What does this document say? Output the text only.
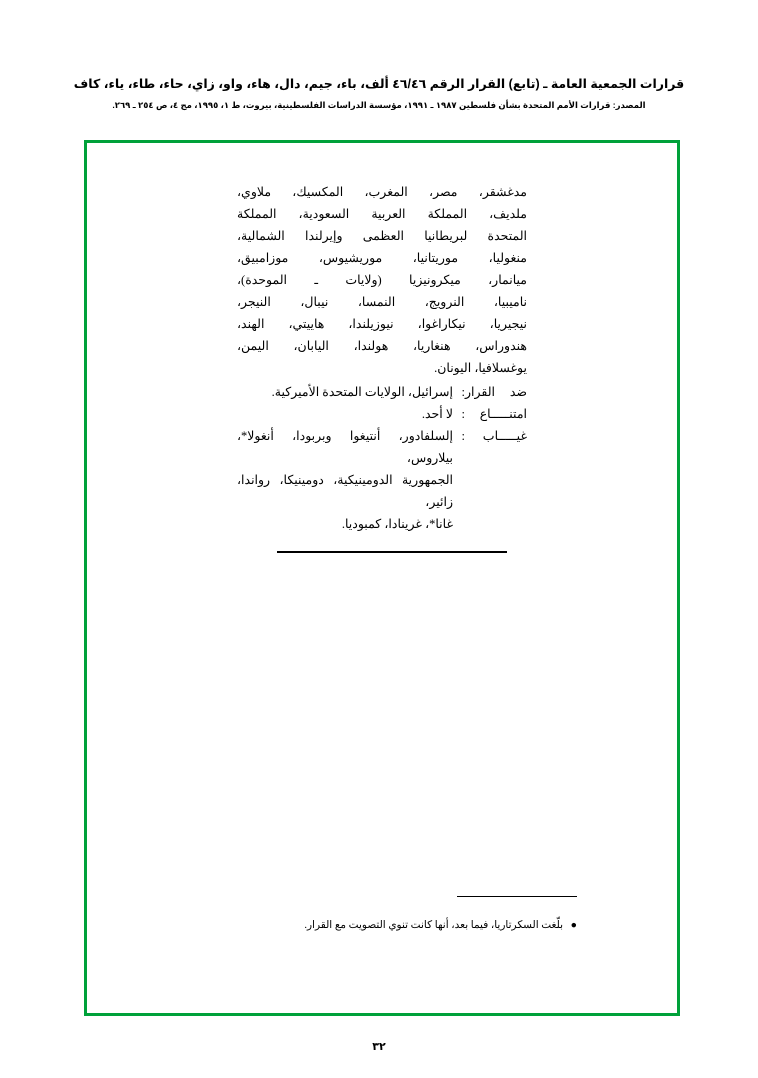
قرارات الجمعية العامة ـ (تابع) القرار الرقم ٤٦/٤٦ ألف، باء، جيم، دال، هاء، واو، زاي، حاء، طاء، ياء، كاف
المصدر: قرارات الأمم المتحدة بشأن فلسطين ١٩٨٧ ـ ١٩٩١، مؤسسة الدراسات الفلسطينية، بيروت، ط ١، ١٩٩٥، مج ٤، ص ٢٥٤ ـ ٢٦٩.

مدغشقر، مصر، المغرب، المكسيك، ملاوي،

ملديف، المملكة العربية السعودية، المملكة

المتحدة لبريطانيا العظمى وإيرلندا الشمالية،

منغوليا، موريتانيا، موريشيوس، موزامبيق،

ميانمار، ميكرونيزيا (ولايات ـ الموحدة)،

ناميبيا، النرويج، النمسا، نيبال، النيجر،

نيجيريا، نيكاراغوا، نيوزيلندا، هاييتي، الهند،

هندوراس، هنغاريا، هولندا، اليابان، اليمن،

يوغسلافيا، اليونان.

ضد القرار
:
إسرائيل، الولايات المتحدة الأميركية.
امتنـــــاع
:
لا أحد.
غيـــــاب
:
إلسلفادور، أنتيغوا وبربودا، أنغولا*، بيلاروس،
الجمهورية الدومينيكية، دومينيكا، رواندا، زائير،
غانا*، غرينادا، كمبوديا.
● بلّغت السكرتاريا، فيما بعد، أنها كانت تنوي التصويت مع القرار.
٣٢
